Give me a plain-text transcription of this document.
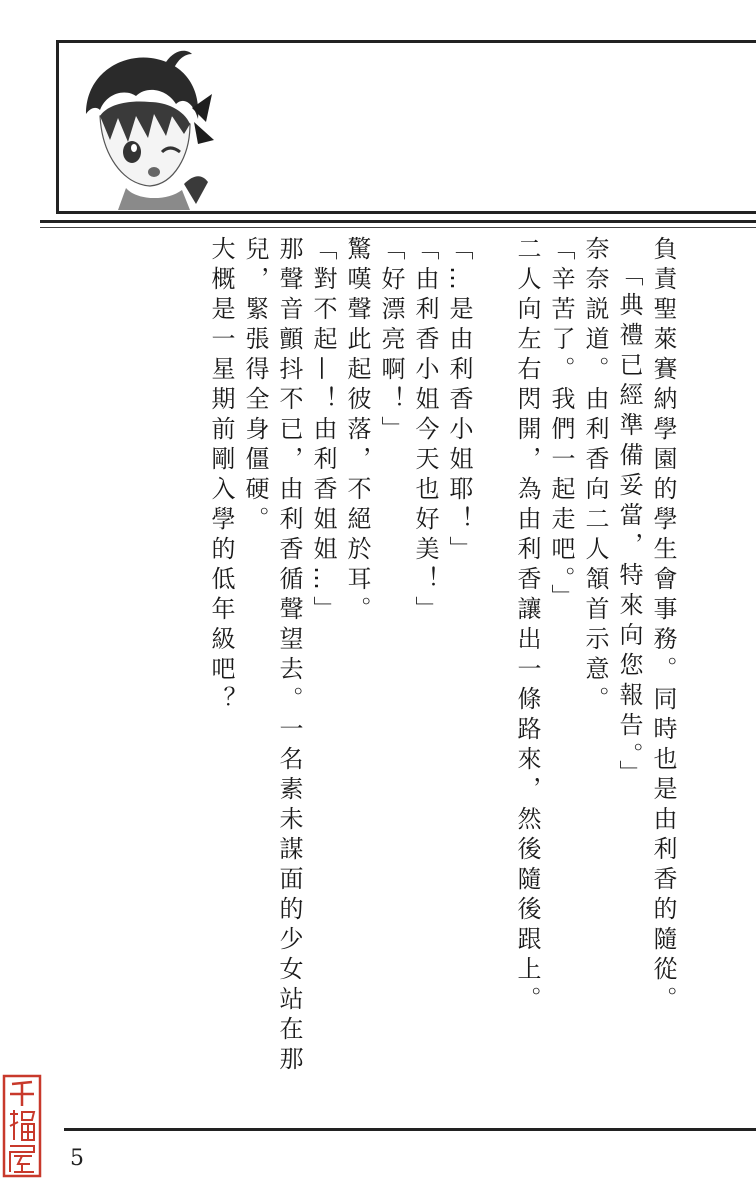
負責聖萊賽納學園的學生會事務。同時也是由利香的隨從。

「典禮已經準備妥當，特來向您報告。」

奈奈説道。由利香向二人頷首示意。

「辛苦了。我們一起走吧。」

二人向左右閃開，為由利香讓出一條路來，然後隨後跟上。

「…是由利香小姐耶！」

「由利香小姐今天也好美！」

「好漂亮啊！」

驚嘆聲此起彼落，不絕於耳。

「對不起—！由利香姐姐…」

那聲音顫抖不已，由利香循聲望去。一名素未謀面的少女站在那

兒，緊張得全身僵硬。

大概是一星期前剛入學的低年級吧？

5
